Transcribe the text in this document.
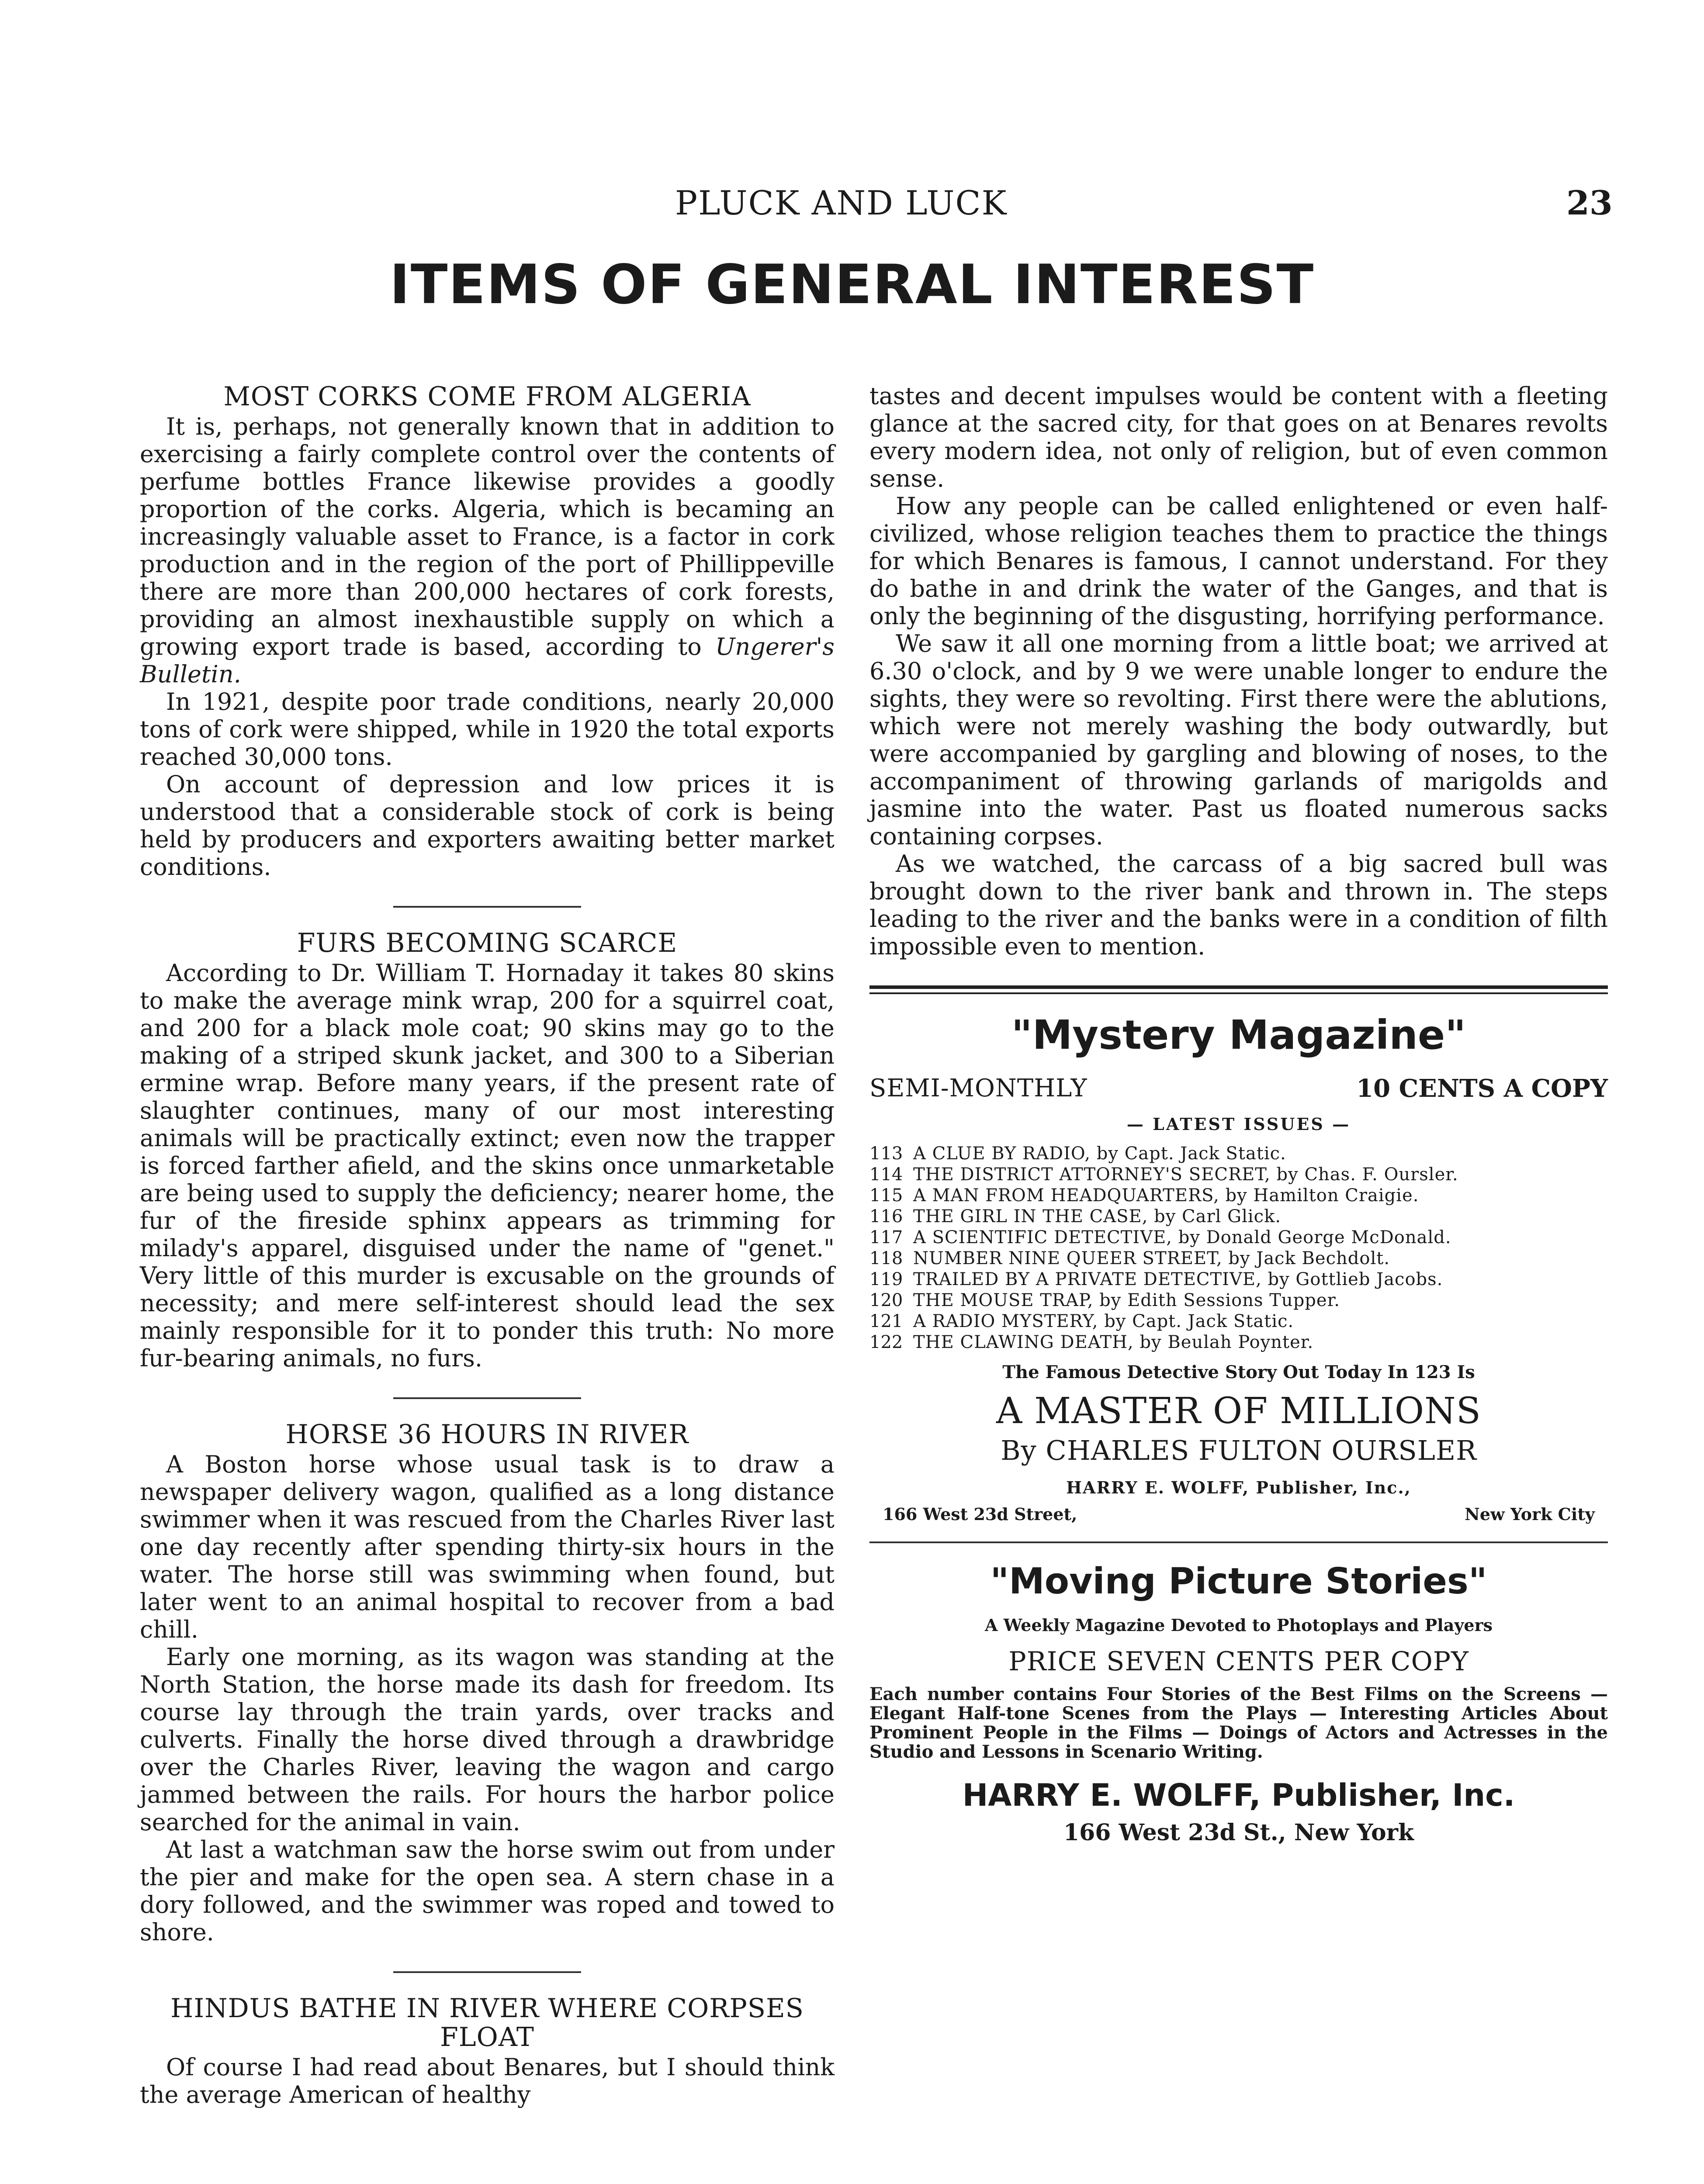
PLUCK AND LUCK	23
ITEMS OF GENERAL INTEREST
MOST CORKS COME FROM ALGERIA

It is, perhaps, not generally known that in addition to exercising a fairly complete control over the contents of perfume bottles France likewise provides a goodly proportion of the corks. Algeria, which is becaming an increasingly valuable asset to France, is a factor in cork production and in the region of the port of Phillippeville there are more than 200,000 hectares of cork forests, providing an almost inexhaustible supply on which a growing export trade is based, according to Ungerer's Bulletin.

In 1921, despite poor trade conditions, nearly 20,000 tons of cork were shipped, while in 1920 the total exports reached 30,000 tons.

On account of depression and low prices it is understood that a considerable stock of cork is being held by producers and exporters awaiting better market conditions.

FURS BECOMING SCARCE

According to Dr. William T. Hornaday it takes 80 skins to make the average mink wrap, 200 for a squirrel coat, and 200 for a black mole coat; 90 skins may go to the making of a striped skunk jacket, and 300 to a Siberian ermine wrap. Before many years, if the present rate of slaughter continues, many of our most interesting animals will be practically extinct; even now the trapper is forced farther afield, and the skins once unmarketable are being used to supply the deficiency; nearer home, the fur of the fireside sphinx appears as trimming for milady's apparel, disguised under the name of "genet." Very little of this murder is excusable on the grounds of necessity; and mere self-interest should lead the sex mainly responsible for it to ponder this truth: No more fur-bearing animals, no furs.

HORSE 36 HOURS IN RIVER

A Boston horse whose usual task is to draw a newspaper delivery wagon, qualified as a long distance swimmer when it was rescued from the Charles River last one day recently after spending thirty-six hours in the water. The horse still was swimming when found, but later went to an animal hospital to recover from a bad chill.

Early one morning, as its wagon was standing at the North Station, the horse made its dash for freedom. Its course lay through the train yards, over tracks and culverts. Finally the horse dived through a drawbridge over the Charles River, leaving the wagon and cargo jammed between the rails. For hours the harbor police searched for the animal in vain.

At last a watchman saw the horse swim out from under the pier and make for the open sea. A stern chase in a dory followed, and the swimmer was roped and towed to shore.

HINDUS BATHE IN RIVER WHERE CORPSES FLOAT

Of course I had read about Benares, but I should think the average American of healthy

tastes and decent impulses would be content with a fleeting glance at the sacred city, for that goes on at Benares revolts every modern idea, not only of religion, but of even common sense.

How any people can be called enlightened or even half-civilized, whose religion teaches them to practice the things for which Benares is famous, I cannot understand. For they do bathe in and drink the water of the Ganges, and that is only the beginning of the disgusting, horrifying performance.

We saw it all one morning from a little boat; we arrived at 6.30 o'clock, and by 9 we were unable longer to endure the sights, they were so revolting. First there were the ablutions, which were not merely washing the body outwardly, but were accompanied by gargling and blowing of noses, to the accompaniment of throwing garlands of marigolds and jasmine into the water. Past us floated numerous sacks containing corpses.

As we watched, the carcass of a big sacred bull was brought down to the river bank and thrown in. The steps leading to the river and the banks were in a condition of filth impossible even to mention.

"Mystery Magazine"
SEMI-MONTHLY	10 CENTS A COPY
— LATEST ISSUES —
113 A CLUE BY RADIO, by Capt. Jack Static.
114 THE DISTRICT ATTORNEY'S SECRET, by Chas. F. Oursler.
115 A MAN FROM HEADQUARTERS, by Hamilton Craigie.
116 THE GIRL IN THE CASE, by Carl Glick.
117 A SCIENTIFIC DETECTIVE, by Donald George McDonald.
118 NUMBER NINE QUEER STREET, by Jack Bechdolt.
119 TRAILED BY A PRIVATE DETECTIVE, by Gottlieb Jacobs.
120 THE MOUSE TRAP, by Edith Sessions Tupper.
121 A RADIO MYSTERY, by Capt. Jack Static.
122 THE CLAWING DEATH, by Beulah Poynter.
The Famous Detective Story Out Today In 123 Is
A MASTER OF MILLIONS
By CHARLES FULTON OURSLER
HARRY E. WOLFF, Publisher, Inc.,
166 West 23d Street,	New York City
"Moving Picture Stories"
A Weekly Magazine Devoted to Photoplays and Players
PRICE SEVEN CENTS PER COPY
Each number contains Four Stories of the Best Films on the Screens — Elegant Half-tone Scenes from the Plays — Interesting Articles About Prominent People in the Films — Doings of Actors and Actresses in the Studio and Lessons in Scenario Writing.
HARRY E. WOLFF, Publisher, Inc.
166 West 23d St., New York
